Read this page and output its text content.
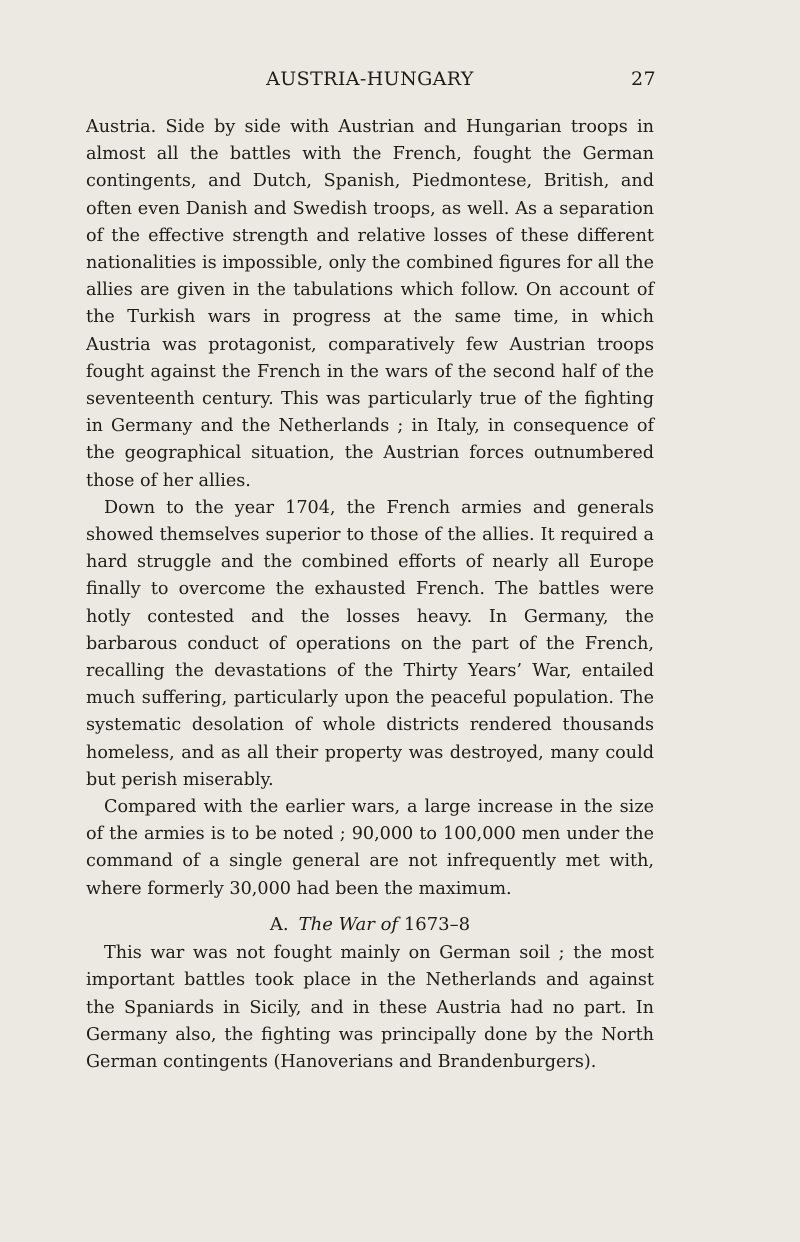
AUSTRIA-HUNGARY	27

Austria. Side by side with Austrian and Hungarian troops in almost all the battles with the French, fought the German contingents, and Dutch, Spanish, Piedmontese, British, and often even Danish and Swedish troops, as well. As a separation of the effective strength and relative losses of these different nationalities is impossible, only the combined figures for all the allies are given in the tabulations which follow. On account of the Turkish wars in progress at the same time, in which Austria was protagonist, comparatively few Austrian troops fought against the French in the wars of the second half of the seventeenth century. This was particularly true of the fighting in Germany and the Netherlands ; in Italy, in consequence of the geographical situation, the Austrian forces outnumbered those of her allies.

Down to the year 1704, the French armies and generals showed themselves superior to those of the allies. It required a hard struggle and the combined efforts of nearly all Europe finally to overcome the exhausted French. The battles were hotly contested and the losses heavy. In Germany, the barbarous conduct of operations on the part of the French, recalling the devastations of the Thirty Years’ War, entailed much suffering, particularly upon the peaceful population. The systematic desolation of whole districts rendered thousands homeless, and as all their property was destroyed, many could but perish miserably.

Compared with the earlier wars, a large increase in the size of the armies is to be noted ; 90,000 to 100,000 men under the command of a single general are not infrequently met with, where formerly 30,000 had been the maximum.

A. The War of 1673–8

This war was not fought mainly on German soil ; the most important battles took place in the Netherlands and against the Spaniards in Sicily, and in these Austria had no part. In Germany also, the fighting was principally done by the North German contingents (Hanoverians and Brandenburgers).
